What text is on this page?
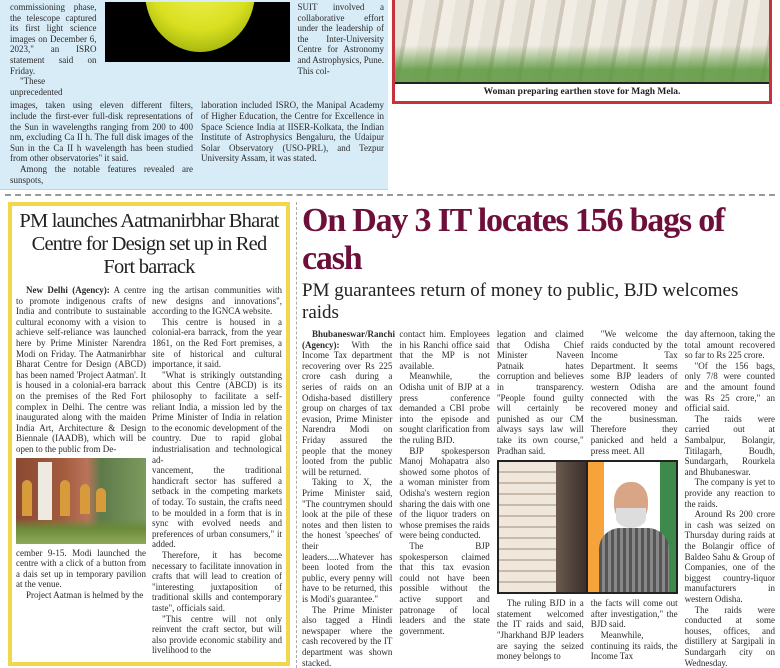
commissioning phase, the telescope captured its first light science images on December 6, 2023," an ISRO statement said on Friday.

"These unprecedented

SUIT involved a collaborative effort under the leadership of the Inter-University Centre for Astronomy and Astrophysics, Pune. This col-

images, taken using eleven different filters, include the first-ever full-disk representations of the Sun in wavelengths ranging from 200 to 400 nm, excluding Ca II h. The full disk images of the Sun in the Ca II h wavelength has been studied from other observatories" it said.

Among the notable features revealed are sunspots,

laboration included ISRO, the Manipal Academy of Higher Education, the Centre for Excellence in Space Science India at IISER-Kolkata, the Indian Institute of Astrophysics Bengaluru, the Udaipur Solar Observatory (USO-PRL), and Tezpur University Assam, it was stated.

Woman preparing earthen stove for Magh Mela.
PM launches Aatmanirbhar Bharat Centre for Design set up in Red Fort barrack

New Delhi (Agency): A centre to promote indigenous crafts of India and contribute to sustainable cultural economy with a vision to achieve self-reliance was launched here by Prime Minister Narendra Modi on Friday. The Aatmanirbhar Bharat Centre for Design (ABCD) has been named 'Project Aatman'. It is housed in a colonial-era barrack on the premises of the Red Fort complex in Delhi. The centre was inaugurated along with the maiden India Art, Architecture & Design Biennale (IAADB), which will be open to the public from De-

cember 9-15. Modi launched the centre with a click of a button from a dais set up in temporary pavilion at the venue.

Project Aatman is helmed by the

ing the artisan communities with new designs and innovations", according to the IGNCA website.

This centre is housed in a colonial-era barrack, from the year 1861, on the Red Fort premises, a site of historical and cultural importance, it said.

"What is strikingly outstanding about this Centre (ABCD) is its philosophy to facilitate a self-reliant India, a mission led by the Prime Minister of India in relation to the economic development of the country. Due to rapid global industrialisation and technological ad-

vancement, the traditional handicraft sector has suffered a setback in the competing markets of today. To sustain, the crafts need to be moulded in a form that is in sync with evolved needs and preferences of urban consumers," it added.

Therefore, it has become necessary to facilitate innovation in crafts that will lead to creation of "interesting juxtaposition of traditional skills and contemporary taste", officials said.

"This centre will not only reinvent the craft sector, but will also provide economic stability and livelihood to the

On Day 3 IT locates 156 bags of cash
PM guarantees return of money to public, BJD welcomes raids

Bhubaneswar/Ranchi (Agency): With the Income Tax department recovering over Rs 225 crore cash during a series of raids on an Odisha-based distillery group on charges of tax evasion, Prime Minister Narendra Modi on Friday assured the people that the money looted from the public will be returned.

Taking to X, the Prime Minister said, "The countrymen should look at the pile of these notes and then listen to the honest 'speeches' of their leaders.....Whatever has been looted from the public, every penny will have to be returned, this is Modi's guarantee."

The Prime Minister also tagged a Hindi newspaper where the cash recovered by the IT department was shown stacked.

contact him. Employees in his Ranchi office said that the MP is not available.

Meanwhile, the Odisha unit of BJP at a press conference demanded a CBI probe into the episode and sought clarification from the ruling BJD.

BJP spokesperson Manoj Mohapatra also showed some photos of a woman minister from Odisha's western region sharing the dais with one of the liquor traders on whose premises the raids were being conducted.

The BJP spokesperson claimed that this tax evasion could not have been possible without the active support and patronage of local leaders and the state government.

legation and claimed that Odisha Chief Minister Naveen Patnaik hates corruption and believes in transparency. "People found guilty will certainly be punished as our CM always says law will take its own course," Pradhan said.

"We welcome the raids conducted by the Income Tax Department. It seems some BJP leaders of western Odisha are connected with the recovered money and the businessman. Therefore they panicked and held a press meet. All

The ruling BJD in a statement welcomed the IT raids and said, "Jharkhand BJP leaders are saying the seized money belongs to

the facts will come out after investigation," the BJD said.

Meanwhile, continuing its raids, the Income Tax

day afternoon, taking the total amount recovered so far to Rs 225 crore.

"Of the 156 bags, only 7/8 were counted and the amount found was Rs 25 crore," an official said.

The raids were carried out at Sambalpur, Bolangir, Titilagarh, Boudh, Sundargarh, Rourkela and Bhubaneswar.

The company is yet to provide any reaction to the raids.

Around Rs 200 crore in cash was seized on Thursday during raids at the Bolangir office of Baldeo Sahu & Group of Companies, one of the biggest country-liquor manufacturers in western Odisha.

The raids were conducted at some houses, offices, and distillery at Sargipali in Sundargarh city on Wednesday.
